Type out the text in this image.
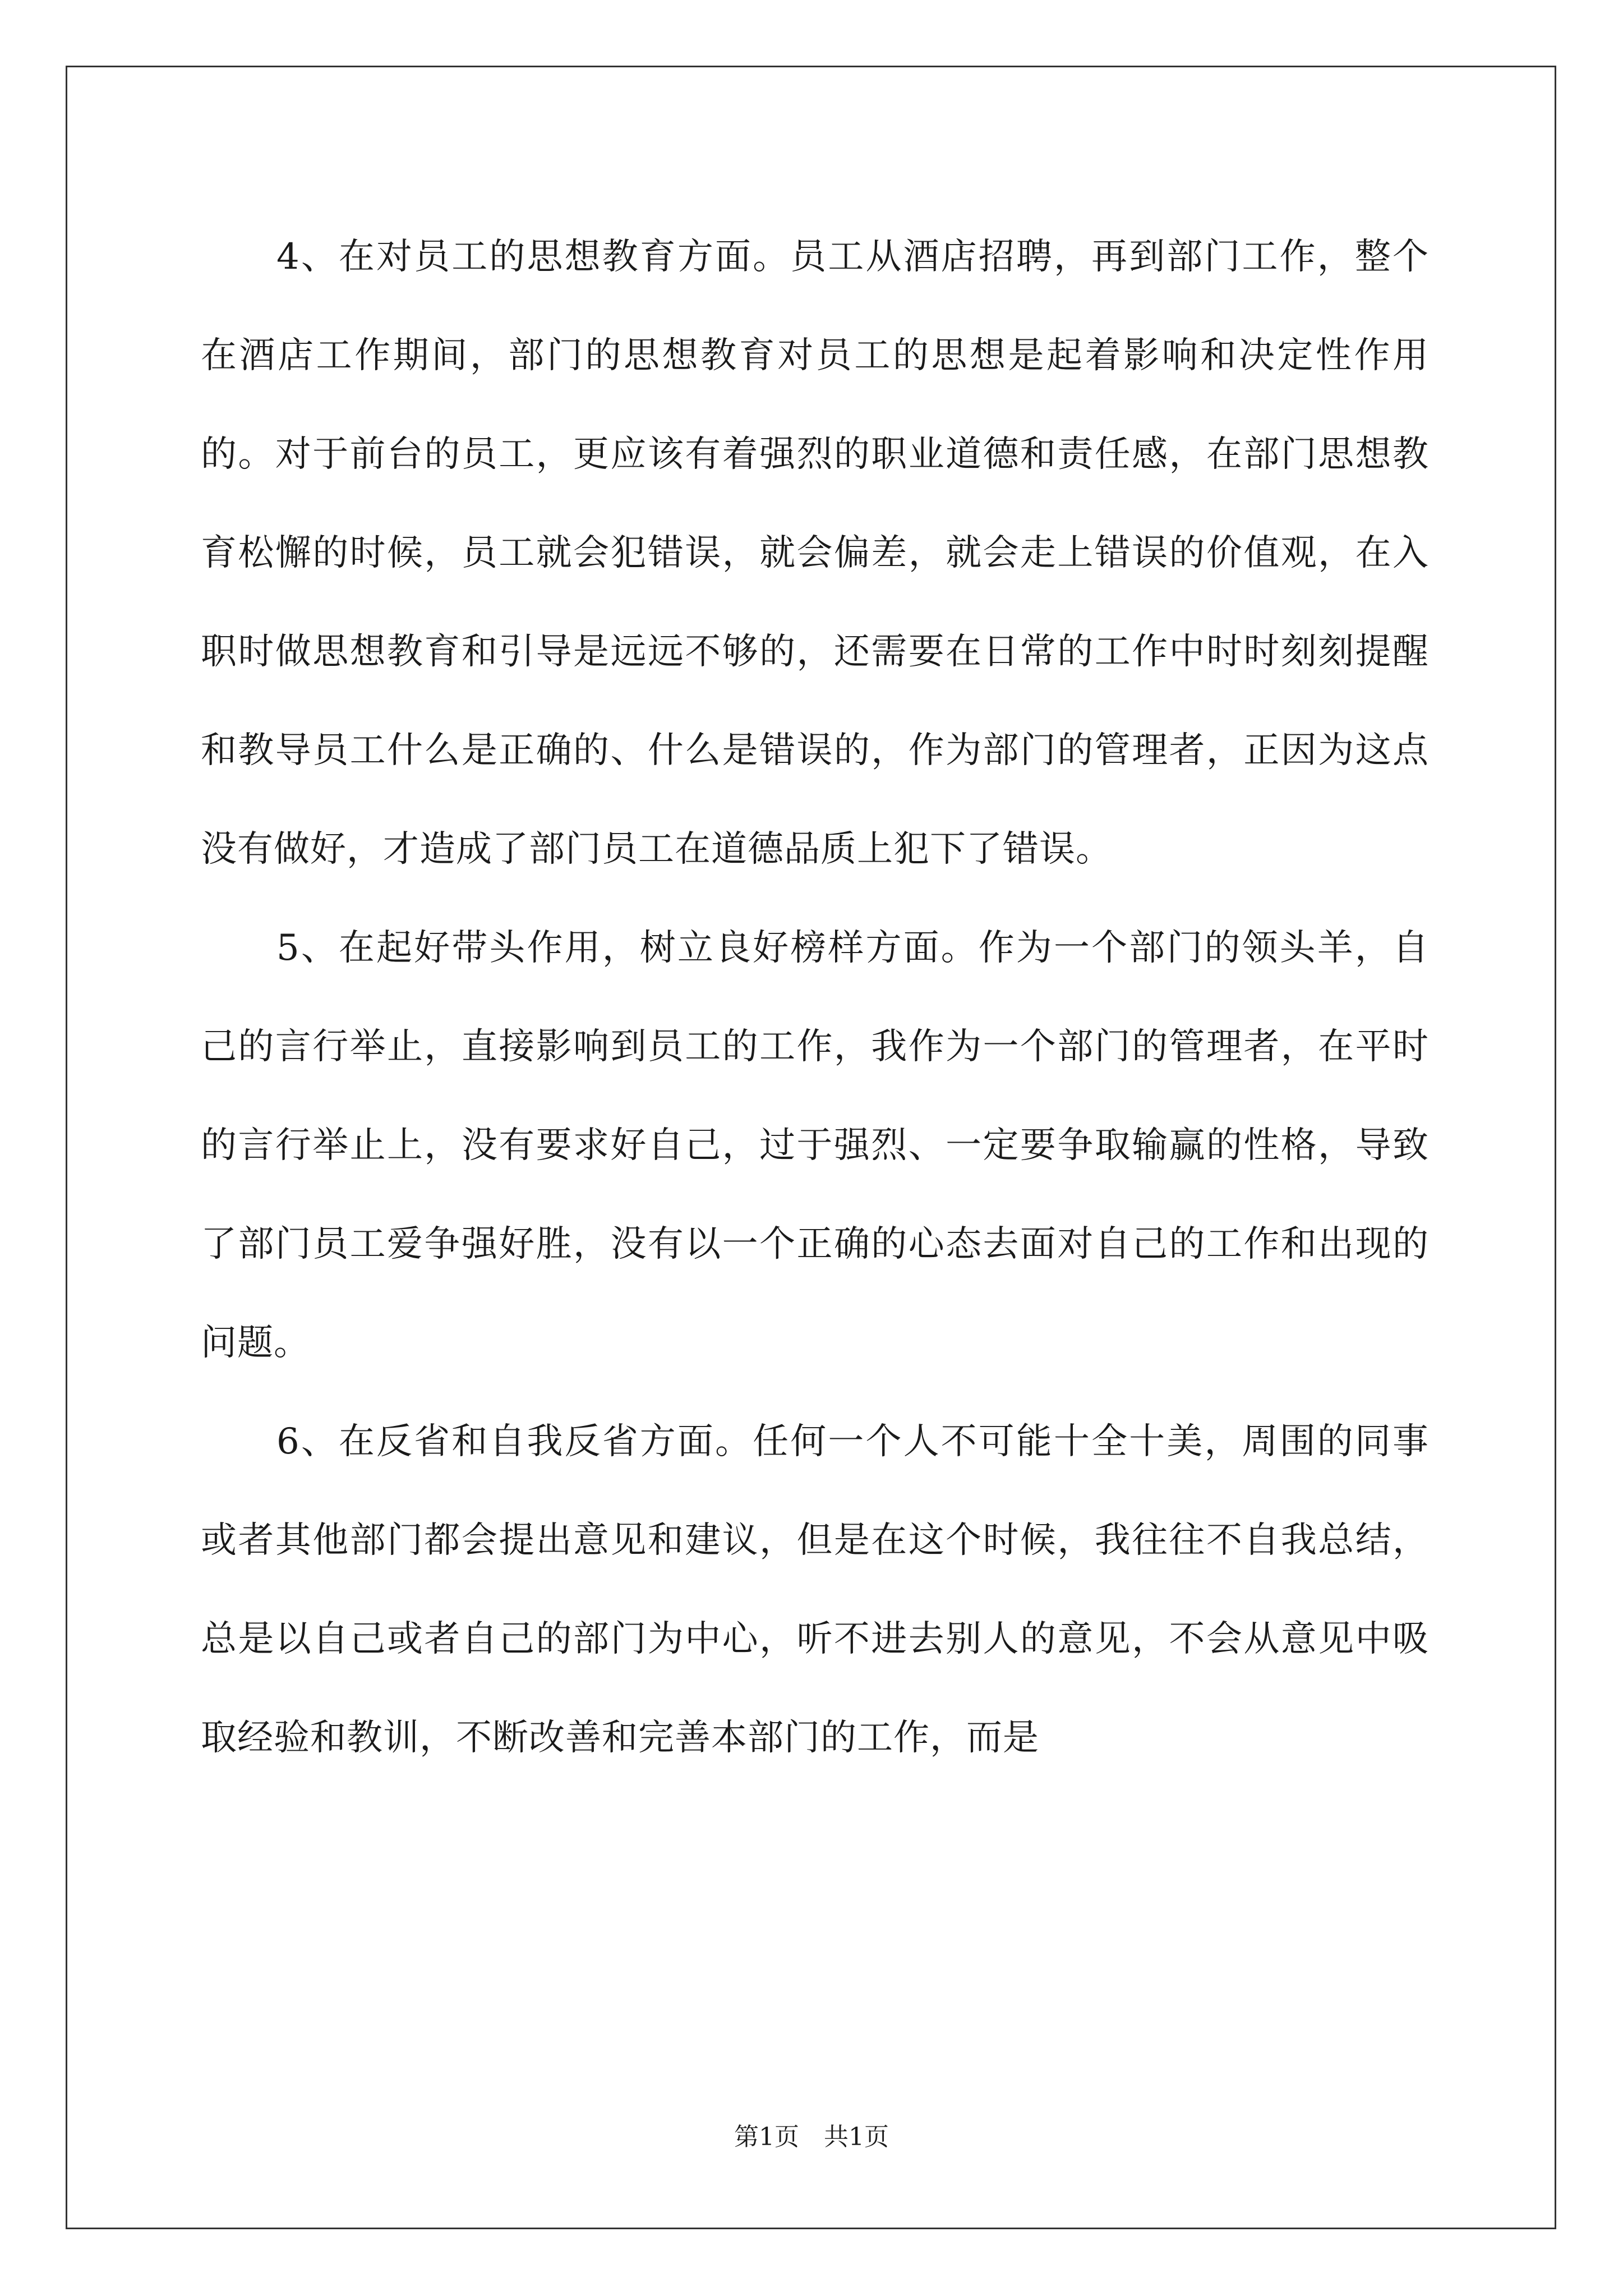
4、在对员工的思想教育方面。员工从酒店招聘，再到部门工作，整个在酒店工作期间，部门的思想教育对员工的思想是起着影响和决定性作用的。对于前台的员工，更应该有着强烈的职业道德和责任感，在部门思想教育松懈的时候，员工就会犯错误，就会偏差，就会走上错误的价值观，在入职时做思想教育和引导是远远不够的，还需要在日常的工作中时时刻刻提醒和教导员工什么是正确的、什么是错误的，作为部门的管理者，正因为这点没有做好，才造成了部门员工在道德品质上犯下了错误。

5、在起好带头作用，树立良好榜样方面。作为一个部门的领头羊，自己的言行举止，直接影响到员工的工作，我作为一个部门的管理者，在平时的言行举止上，没有要求好自己，过于强烈、一定要争取输赢的性格，导致了部门员工爱争强好胜，没有以一个正确的心态去面对自己的工作和出现的问题。

6、在反省和自我反省方面。任何一个人不可能十全十美，周围的同事或者其他部门都会提出意见和建议，但是在这个时候，我往往不自我总结，总是以自己或者自己的部门为中心，听不进去别人的意见，不会从意见中吸取经验和教训，不断改善和完善本部门的工作，而是

第1页　共1页
